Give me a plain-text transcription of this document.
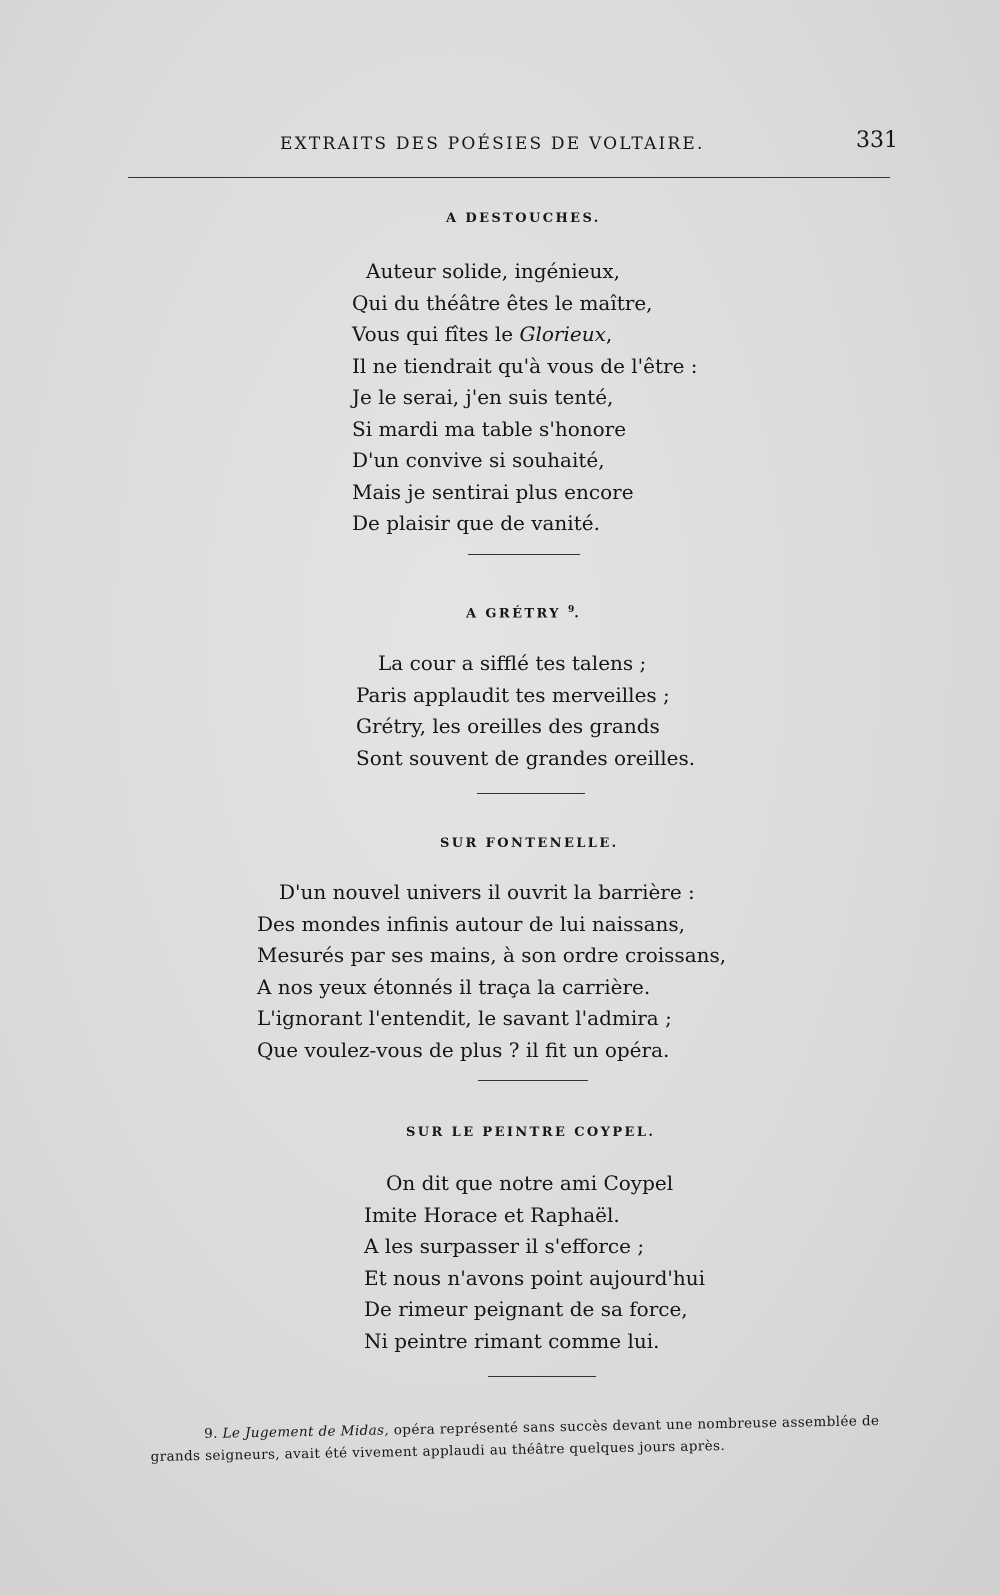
EXTRAITS DES POÉSIES DE VOLTAIRE.	331
A DESTOUCHES.
Auteur solide, ingénieux,
Qui du théâtre êtes le maître,
Vous qui fîtes le Glorieux,
Il ne tiendrait qu'à vous de l'être :
Je le serai, j'en suis tenté,
Si mardi ma table s'honore
D'un convive si souhaité,
Mais je sentirai plus encore
De plaisir que de vanité.
A GRÉTRY $^9$.
La cour a sifflé tes talens ;
Paris applaudit tes merveilles ;
Grétry, les oreilles des grands
Sont souvent de grandes oreilles.
SUR FONTENELLE.
D'un nouvel univers il ouvrit la barrière :
Des mondes infinis autour de lui naissans,
Mesurés par ses mains, à son ordre croissans,
A nos yeux étonnés il traça la carrière.
L'ignorant l'entendit, le savant l'admira ;
Que voulez-vous de plus ? il fit un opéra.
SUR LE PEINTRE COYPEL.
On dit que notre ami Coypel
Imite Horace et Raphaël.
A les surpasser il s'efforce ;
Et nous n'avons point aujourd'hui
De rimeur peignant de sa force,
Ni peintre rimant comme lui.
9. Le Jugement de Midas, opéra représenté sans succès devant une nombreuse assemblée de
grands seigneurs, avait été vivement applaudi au théâtre quelques jours après.
